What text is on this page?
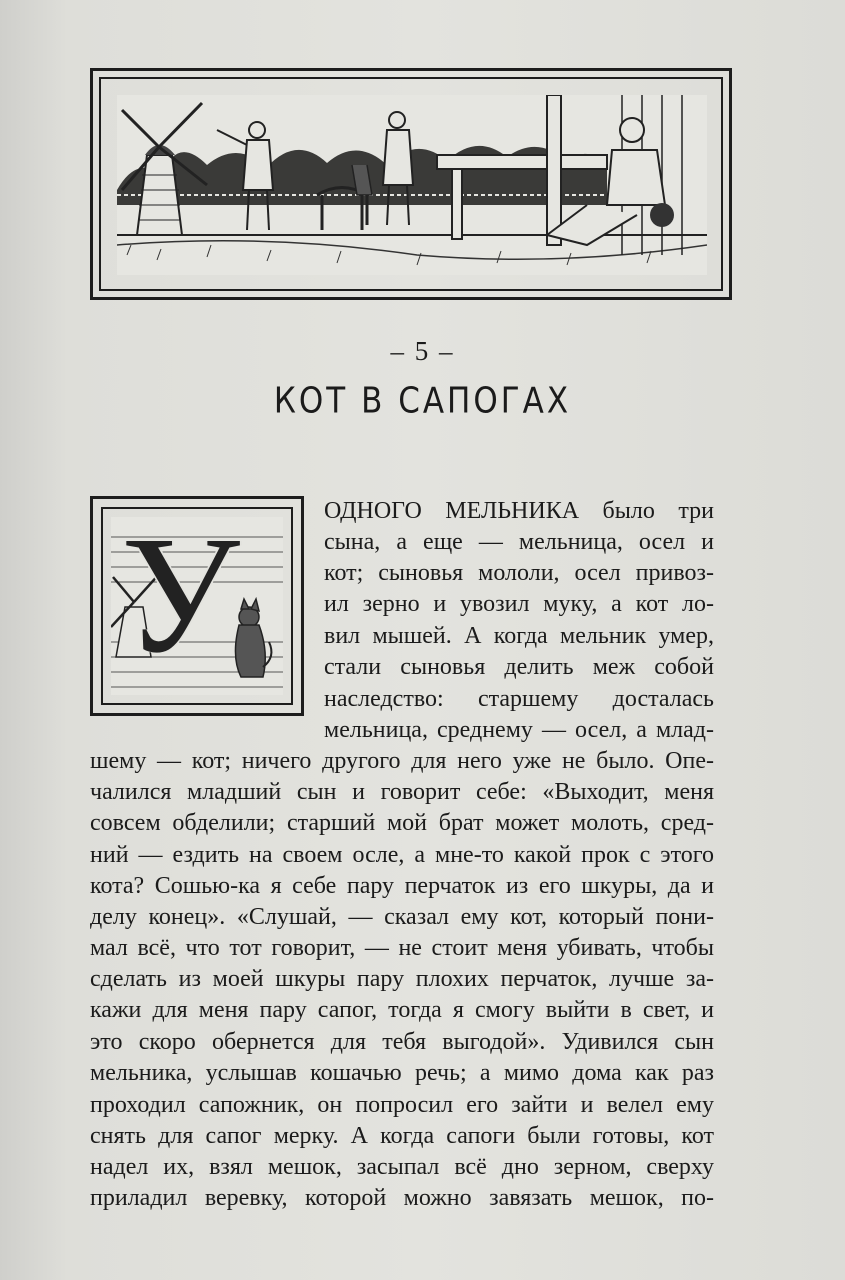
– 5 –
КОТ В САПОГАХ
У	ОДНОГО МЕЛЬНИКА было три
сына, а еще — мельница, осел и
кот; сыновья мололи, осел привоз-
ил зерно и увозил муку, а кот ло-
вил мышей. А когда мельник умер,
стали сыновья делить меж собой
наследство: старшему досталась
мельница, среднему — осел, а млад-
шему — кот; ничего другого для него уже не было. Опе-
чалился младший сын и говорит себе: «Выходит, меня
совсем обделили; старший мой брат может молоть, сред-
ний — ездить на своем осле, а мне-то какой прок с этого
кота? Сошью-ка я себе пару перчаток из его шкуры, да и
делу конец». «Слушай, — сказал ему кот, который пони-
мал всё, что тот говорит, — не стоит меня убивать, чтобы
сделать из моей шкуры пару плохих перчаток, лучше за-
кажи для меня пару сапог, тогда я смогу выйти в свет, и
это скоро обернется для тебя выгодой». Удивился сын
мельника, услышав кошачью речь; а мимо дома как раз
проходил сапожник, он попросил его зайти и велел ему
снять для сапог мерку. А когда сапоги были готовы, кот
надел их, взял мешок, засыпал всё дно зерном, сверху
приладил веревку, которой можно завязать мешок, по-
